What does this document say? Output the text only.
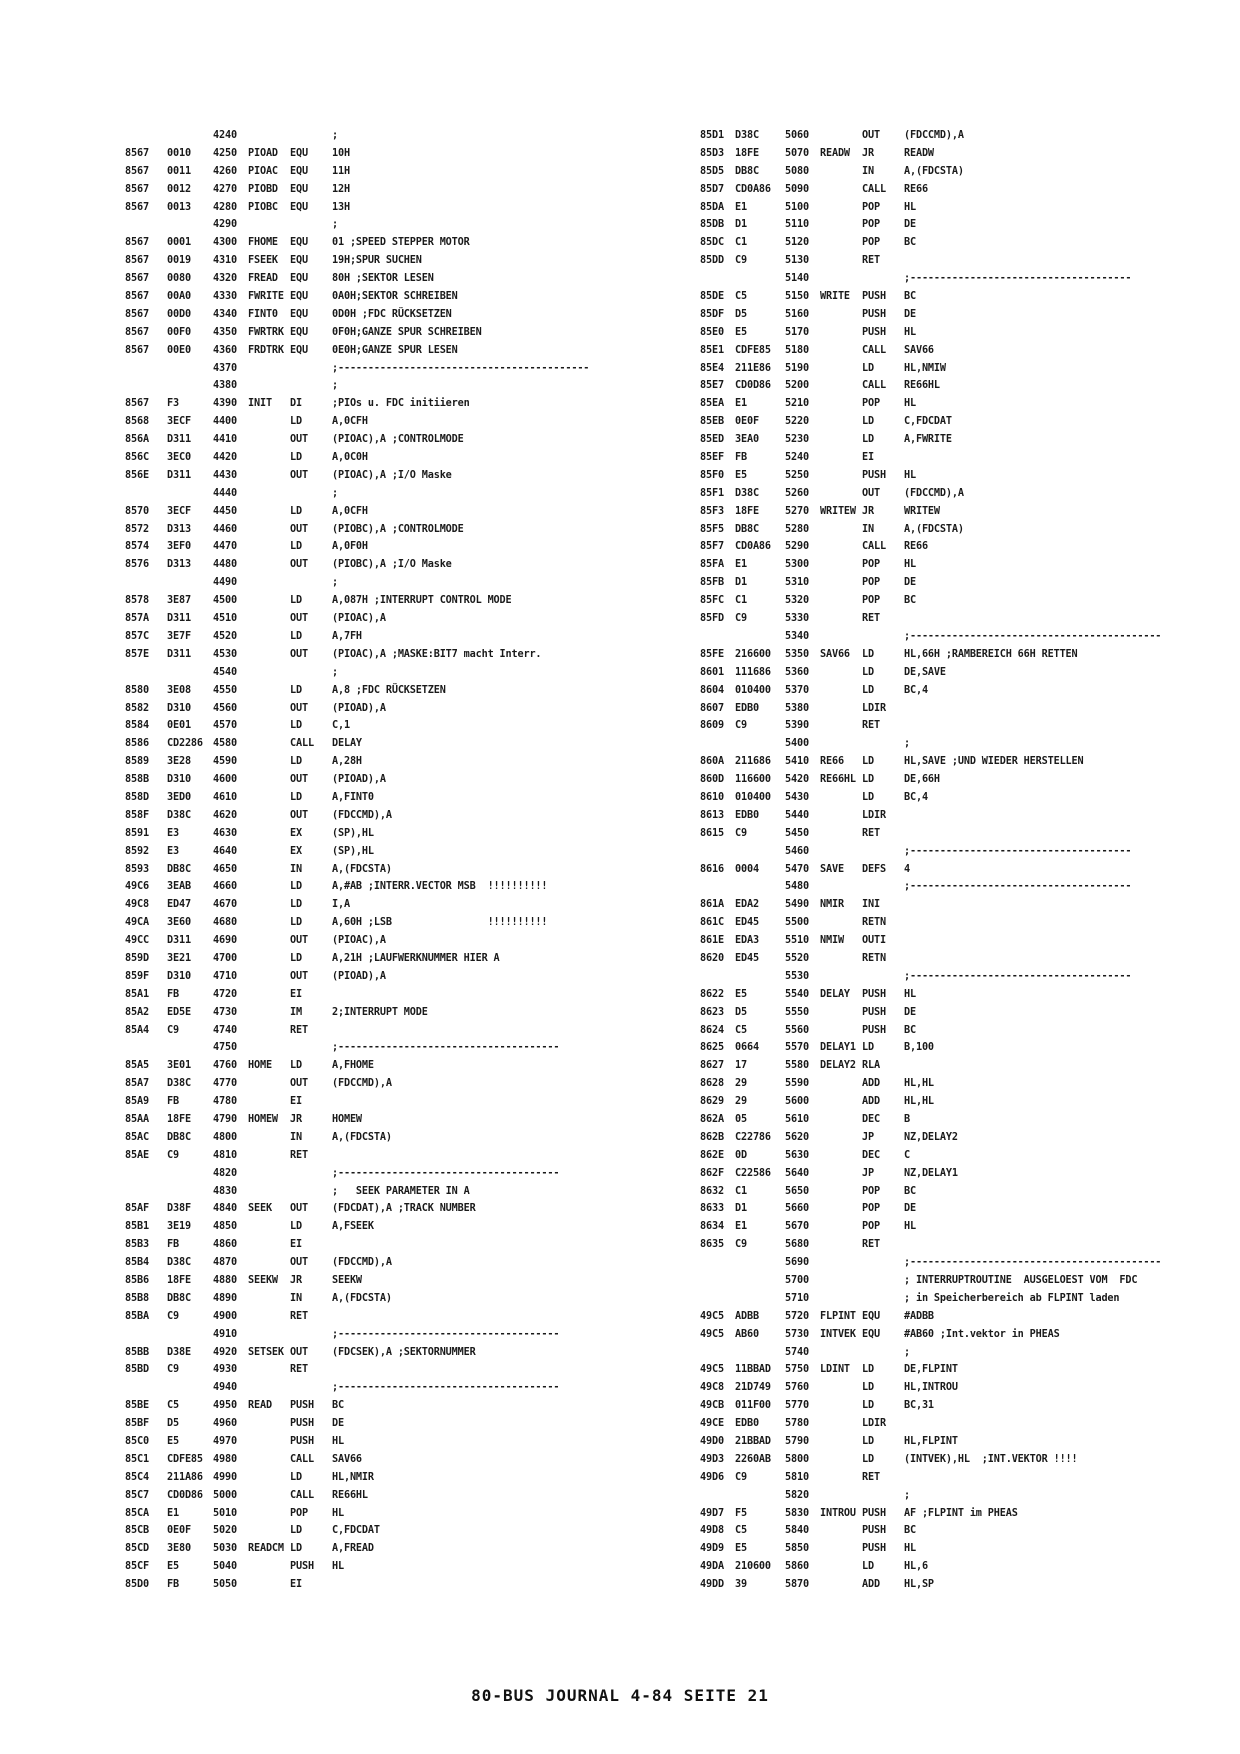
4240	;
8567 0010 4250 PIOAD EQU 10H
8567 0011 4260 PIOAC EQU 11H
8567 0012 4270 PIOBD EQU 12H
8567 0013 4280 PIOBC EQU 13H
4290	;
8567 0001 4300 FHOME EQU 01 ;SPEED STEPPER MOTOR
8567 0019 4310 FSEEK EQU 19H;SPUR SUCHEN
8567 0080 4320 FREAD EQU 80H ;SEKTOR LESEN
8567 00A0 4330 FWRITE EQU 0A0H;SEKTOR SCHREIBEN
8567 00D0 4340 FINT0 EQU 0D0H ;FDC RÜCKSETZEN
8567 00F0 4350 FWRTRK EQU 0F0H;GANZE SPUR SCHREIBEN
8567 00E0 4360 FRDTRK EQU 0E0H;GANZE SPUR LESEN
4370	;------------------------------------------
4380	;
8567 F3	4390 INIT DI	;PIOs u. FDC initiieren
8568 3ECF 4400	LD	A,0CFH
856A D311 4410	OUT (PIOAC),A ;CONTROLMODE
856C 3EC0 4420	LD	A,0C0H
856E D311 4430	OUT (PIOAC),A ;I/O Maske
4440	;
8570 3ECF 4450	LD	A,0CFH
8572 D313 4460	OUT (PIOBC),A ;CONTROLMODE
8574 3EF0 4470	LD	A,0F0H
8576 D313 4480	OUT (PIOBC),A ;I/O Maske
4490	;
8578 3E87 4500	LD	A,087H ;INTERRUPT CONTROL MODE
857A D311 4510	OUT (PIOAC),A
857C 3E7F 4520	LD	A,7FH
857E D311 4530	OUT (PIOAC),A ;MASKE:BIT7 macht Interr.
4540	;
8580 3E08 4550	LD	A,8 ;FDC RÜCKSETZEN
8582 D310 4560	OUT (PIOAD),A
8584 0E01 4570	LD	C,1
8586 CD2286 4580	CALL DELAY
8589 3E28 4590	LD	A,28H
858B D310 4600	OUT (PIOAD),A
858D 3ED0 4610	LD	A,FINT0
858F D38C 4620	OUT (FDCCMD),A
8591 E3	4630	EX	(SP),HL
8592 E3	4640	EX	(SP),HL
8593 DB8C 4650	IN	A,(FDCSTA)
49C6 3EAB 4660	LD	A,#AB ;INTERR.VECTOR MSB  !!!!!!!!!!
49C8 ED47 4670	LD	I,A
49CA 3E60 4680	LD	A,60H ;LSB                !!!!!!!!!!
49CC D311 4690	OUT (PIOAC),A
859D 3E21 4700	LD	A,21H ;LAUFWERKNUMMER HIER A
859F D310 4710	OUT (PIOAD),A
85A1 FB	4720	EI
85A2 ED5E 4730	IM	2;INTERRUPT MODE
85A4 C9	4740	RET
4750	;-------------------------------------
85A5 3E01 4760 HOME LD	A,FHOME
85A7 D38C 4770	OUT (FDCCMD),A
85A9 FB	4780	EI
85AA 18FE 4790 HOMEW JR	HOMEW
85AC DB8C 4800	IN	A,(FDCSTA)
85AE C9	4810	RET
4820	;-------------------------------------
4830	;   SEEK PARAMETER IN A
85AF D38F 4840 SEEK OUT (FDCDAT),A ;TRACK NUMBER
85B1 3E19 4850	LD	A,FSEEK
85B3 FB	4860	EI
85B4 D38C 4870	OUT (FDCCMD),A
85B6 18FE 4880 SEEKW JR	SEEKW
85B8 DB8C 4890	IN	A,(FDCSTA)
85BA C9	4900	RET
4910	;-------------------------------------
85BB D38E 4920 SETSEK OUT (FDCSEK),A ;SEKTORNUMMER
85BD C9	4930	RET
4940	;-------------------------------------
85BE C5	4950 READ PUSH BC
85BF D5	4960	PUSH DE
85C0 E5	4970	PUSH HL
85C1 CDFE85 4980	CALL SAV66
85C4 211A86 4990	LD	HL,NMIR
85C7 CD0D86 5000	CALL RE66HL
85CA E1	5010	POP HL
85CB 0E0F 5020	LD	C,FDCDAT
85CD 3E80 5030 READCM LD	A,FREAD
85CF E5	5040	PUSH HL
85D0 FB	5050	EI
85D1 D38C	5060	OUT (FDCCMD),A
85D3 18FE	5070 READW JR	READW
85D5 DB8C	5080	IN	A,(FDCSTA)
85D7 CD0A86 5090	CALL RE66
85DA E1	5100	POP HL
85DB D1	5110	POP DE
85DC C1	5120	POP BC
85DD C9	5130	RET
5140	;-------------------------------------
85DE C5	5150 WRITE PUSH BC
85DF D5	5160	PUSH DE
85E0 E5	5170	PUSH HL
85E1 CDFE85 5180	CALL SAV66
85E4 211E86 5190	LD	HL,NMIW
85E7 CD0D86 5200	CALL RE66HL
85EA E1	5210	POP HL
85EB 0E0F	5220	LD	C,FDCDAT
85ED 3EA0	5230	LD	A,FWRITE
85EF FB	5240	EI
85F0 E5	5250	PUSH HL
85F1 D38C	5260	OUT (FDCCMD),A
85F3 18FE	5270 WRITEW JR	WRITEW
85F5 DB8C	5280	IN	A,(FDCSTA)
85F7 CD0A86 5290	CALL RE66
85FA E1	5300	POP HL
85FB D1	5310	POP DE
85FC C1	5320	POP BC
85FD C9	5330	RET
5340	;------------------------------------------
85FE 216600 5350 SAV66 LD	HL,66H ;RAMBEREICH 66H RETTEN
8601 111686 5360	LD	DE,SAVE
8604 010400 5370	LD	BC,4
8607 EDB0	5380	LDIR
8609 C9	5390	RET
5400	;
860A 211686 5410 RE66 LD	HL,SAVE ;UND WIEDER HERSTELLEN
860D 116600 5420 RE66HL LD	DE,66H
8610 010400 5430	LD	BC,4
8613 EDB0	5440	LDIR
8615 C9	5450	RET
5460	;-------------------------------------
8616 0004	5470 SAVE DEFS 4
5480	;-------------------------------------
861A EDA2	5490 NMIR INI
861C ED45	5500	RETN
861E EDA3	5510 NMIW OUTI
8620 ED45	5520	RETN
5530	;-------------------------------------
8622 E5	5540 DELAY PUSH HL
8623 D5	5550	PUSH DE
8624 C5	5560	PUSH BC
8625 0664	5570 DELAY1 LD	B,100
8627 17	5580 DELAY2 RLA
8628 29	5590	ADD HL,HL
8629 29	5600	ADD HL,HL
862A 05	5610	DEC B
862B C22786 5620	JP	NZ,DELAY2
862E 0D	5630	DEC C
862F C22586 5640	JP	NZ,DELAY1
8632 C1	5650	POP BC
8633 D1	5660	POP DE
8634 E1	5670	POP HL
8635 C9	5680	RET
5690	;------------------------------------------
5700	; INTERRUPTROUTINE  AUSGELOEST VOM  FDC
5710	; in Speicherbereich ab FLPINT laden
49C5 ADBB	5720 FLPINT EQU #ADBB
49C5 AB60	5730 INTVEK EQU #AB60 ;Int.vektor in PHEAS
5740	;
49C5 11BBAD 5750 LDINT LD	DE,FLPINT
49C8 21D749 5760	LD	HL,INTROU
49CB 011F00 5770	LD	BC,31
49CE EDB0	5780	LDIR
49D0 21BBAD 5790	LD	HL,FLPINT
49D3 2260AB 5800	LD	(INTVEK),HL  ;INT.VEKTOR !!!!
49D6 C9	5810	RET
5820	;
49D7 F5	5830 INTROU PUSH AF ;FLPINT im PHEAS
49D8 C5	5840	PUSH BC
49D9 E5	5850	PUSH HL
49DA 210600 5860	LD	HL,6
49DD 39	5870	ADD HL,SP
80-BUS JOURNAL 4-84 SEITE 21
